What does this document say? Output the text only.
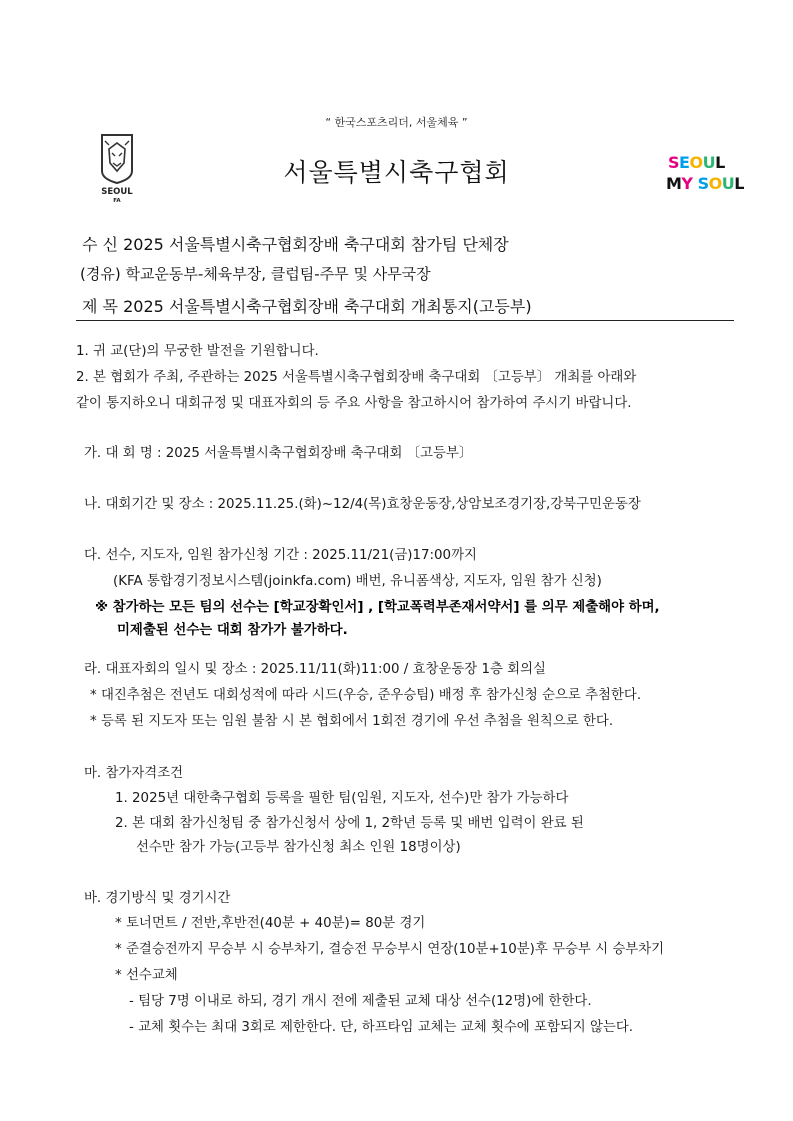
“ 한국스포츠리더, 서울체육 ”
SEOUL
FA
서울특별시축구협회	SEOUL
MY SOUL
수 신 2025 서울특별시축구협회장배 축구대회 참가팀 단체장
(경유) 학교운동부-체육부장, 클럽팀-주무 및 사무국장
제 목 2025 서울특별시축구협회장배 축구대회 개최통지(고등부)
1. 귀 교(단)의 무궁한 발전을 기원합니다.
2. 본 협회가 주최, 주관하는 2025 서울특별시축구협회장배 축구대회 〔고등부〕 개최를 아래와
같이 통지하오니 대회규정 및 대표자회의 등 주요 사항을 참고하시어 참가하여 주시기 바랍니다.
가. 대 회 명 : 2025 서울특별시축구협회장배 축구대회 〔고등부〕
나. 대회기간 및 장소 : 2025.11.25.(화)~12/4(목)효창운동장,상암보조경기장,강북구민운동장
다. 선수, 지도자, 임원 참가신청 기간 : 2025.11/21(금)17:00까지
(KFA 통합경기정보시스템(joinkfa.com) 배번, 유니폼색상, 지도자, 임원 참가 신청)
※ 참가하는 모든 팀의 선수는 [학교장확인서] , [학교폭력부존재서약서] 를 의무 제출해야 하며,
미제출된 선수는 대회 참가가 불가하다.
라. 대표자회의 일시 및 장소 : 2025.11/11(화)11:00 / 효창운동장 1층 회의실
* 대진추첨은 전년도 대회성적에 따라 시드(우승, 준우승팀) 배정 후 참가신청 순으로 추첨한다.
* 등록 된 지도자 또는 임원 불참 시 본 협회에서 1회전 경기에 우선 추첨을 원칙으로 한다.
마. 참가자격조건
1. 2025년 대한축구협회 등록을 필한 팀(임원, 지도자, 선수)만 참가 가능하다
2. 본 대회 참가신청팀 중 참가신청서 상에 1, 2학년 등록 및 배번 입력이 완료 된
선수만 참가 가능(고등부 참가신청 최소 인원 18명이상)
바. 경기방식 및 경기시간
* 토너먼트 / 전반,후반전(40분 + 40분)= 80분 경기
* 준결승전까지 무승부 시 승부차기, 결승전 무승부시 연장(10분+10분)후 무승부 시 승부차기
* 선수교체
- 팀당 7명 이내로 하되, 경기 개시 전에 제출된 교체 대상 선수(12명)에 한한다.
- 교체 횟수는 최대 3회로 제한한다. 단, 하프타임 교체는 교체 횟수에 포함되지 않는다.
